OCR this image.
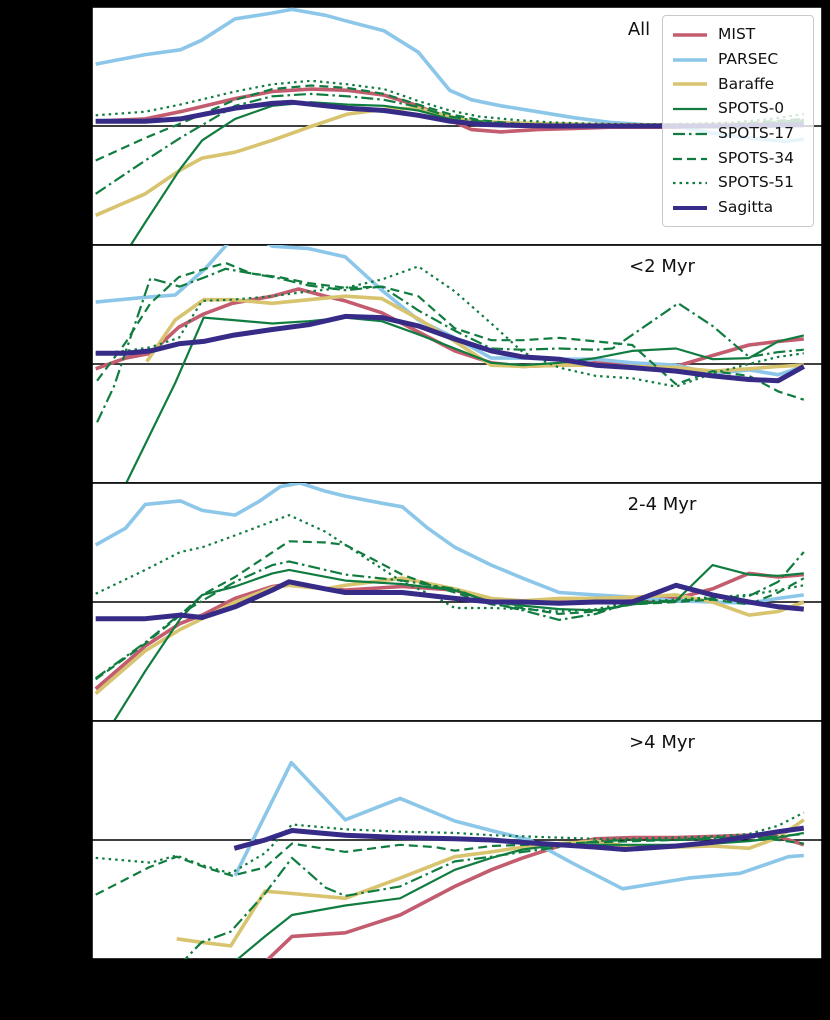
All
<2 Myr
2-4 Myr
>4 Myr
MIST
PARSEC
Baraffe
SPOTS-0
SPOTS-17
SPOTS-34
SPOTS-51
Sagitta
